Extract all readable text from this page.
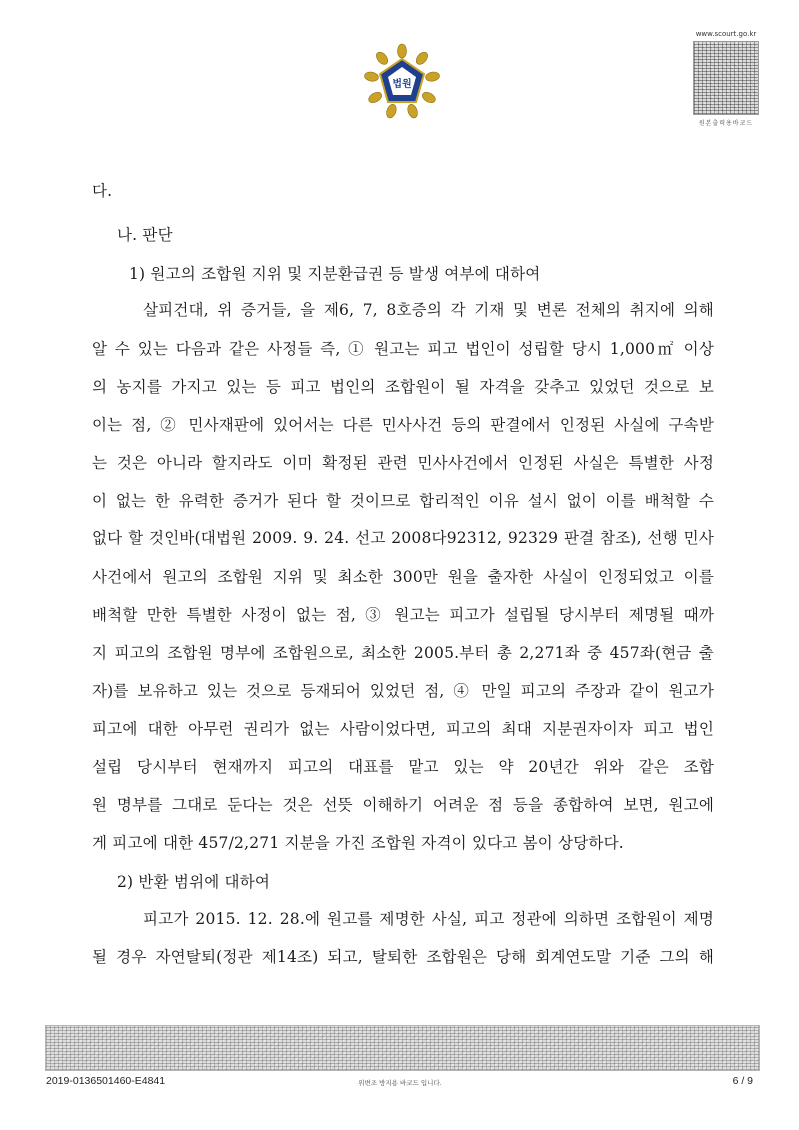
법원
www.scourt.go.kr
원본출력용바코드
다.
나. 판단
1) 원고의 조합원 지위 및 지분환급권 등 발생 여부에 대하여
살피건대, 위 증거들, 을 제6, 7, 8호증의 각 기재 및 변론 전체의 취지에 의해
알 수 있는 다음과 같은 사정들 즉, ① 원고는 피고 법인이 성립할 당시 1,000㎡ 이상
의 농지를 가지고 있는 등 피고 법인의 조합원이 될 자격을 갖추고 있었던 것으로 보
이는 점, ② 민사재판에 있어서는 다른 민사사건 등의 판결에서 인정된 사실에 구속받
는 것은 아니라 할지라도 이미 확정된 관련 민사사건에서 인정된 사실은 특별한 사정
이 없는 한 유력한 증거가 된다 할 것이므로 합리적인 이유 설시 없이 이를 배척할 수
없다 할 것인바(대법원 2009. 9. 24. 선고 2008다92312, 92329 판결 참조), 선행 민사
사건에서 원고의 조합원 지위 및 최소한 300만 원을 출자한 사실이 인정되었고 이를
배척할 만한 특별한 사정이 없는 점, ③ 원고는 피고가 설립될 당시부터 제명될 때까
지 피고의 조합원 명부에 조합원으로, 최소한 2005.부터 총 2,271좌 중 457좌(현금 출
자)를 보유하고 있는 것으로 등재되어 있었던 점, ④ 만일 피고의 주장과 같이 원고가
피고에 대한 아무런 권리가 없는 사람이었다면, 피고의 최대 지분권자이자 피고 법인
설립 당시부터 현재까지 피고의 대표를 맡고 있는 약 20년간 위와 같은 조합
원 명부를 그대로 둔다는 것은 선뜻 이해하기 어려운 점 등을 종합하여 보면, 원고에
게 피고에 대한 457/2,271 지분을 가진 조합원 자격이 있다고 봄이 상당하다.
2) 반환 범위에 대하여
피고가 2015. 12. 28.에 원고를 제명한 사실, 피고 정관에 의하면 조합원이 제명
될 경우 자연탈퇴(정관 제14조) 되고, 탈퇴한 조합원은 당해 회계연도말 기준 그의 해
2019-0136501460-E4841	위변조 방지용 바코드 입니다.	6 / 9
